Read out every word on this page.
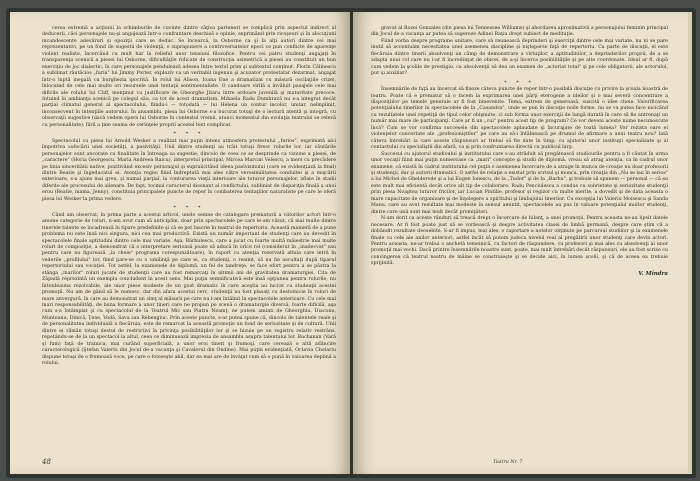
cerea extremă a acţiunii la schimburile de cuvinte dintre câţiva parteneri se complică prin aspectul indirect al deducerii, căci personajele nu-şi angajează într-o confruntare deschisă o opinie, exprimând prin ricoşeuri şi în alocuţiuni incandescente adevăruri şi opoziţii care se deduc. Se încearcă, la Osborne ca şi la alţi autori dintre cei mai reprezentativi, pe un fond de sugestii de violenţă, o suprapunere a controversatelor epoci ce pun conflicte de aparenţe violent realiste, încercând cu mult har în relieful unor tensiuni filozofice. Pentru cei patru studenţi angajaţi în transparenţa scenică a piesei lui Osborne, dificultăţile ridicate de construcţia asimetrică a piesei au constituit un bun exerciţiu de joc dialectic, în care personajele pendulează adesea între textul prim şi subtextul conţinut. Florin Călinescu a sublimat răutăcios „furia" lui Jimmy Porter, exploziv ca un veritabil ingenuu şi acuzator protestatar dezarmat, angajat într-o luptă inegală cu burghezia ipocrită. În rolul lui Alison, Ioana Ene a dramatizat cu măsură oscilaţiile crizei, înlocuind de cele mai multe ori resursele unei tentaţii sentimentaliste. O candoare virilă a învăluit pasajele cele mai dificile ale rolului lui Cliff, menţinut cu justificare de Gheorghe Jitaru între ardoare juvenilă şi maturitate precoce. Intuind în ambianţa scenică pe colegul său, ca tot de acest dramatism, Mihaela Radu Dumbravă nu s-a integrat decât parţial climatul general al spectacolului, fiindu-i — totodată — lui Helena un contur incolor, unitar, neîmplinit, inconsecvent în intenţiile autorului. În ansamblu, piesa lui Osborne s-a bucurat totuşi de o lectură atentă şi integră, cu observaţii sugestive (dacă vedem opera lui Osborne în contextul vremii, atunci momentul din evoluţia teatrului se relevă cu personalitate), fără a ţine seama de cerinţele proprii acestei text complicat.

* * *

Spectacolul cu piesa lui Arnold Wesker a realizat mai puţin intens atmosfera protestului „furios", exprimată aici împotriva sufocării unei societăţi, a pasivităţii. Unii dintre studenţi au trăit totuşi firesc rolurile lor, iar căutările personajelor sunt ancorate cu finalitate în întreaga sa sugestie; dincolo de ceea ce se desprinde ca viziune a piesei, de „caractere" (Horia Georgescu, Maria Andreea Raicu), interpretul principal, Mircea Marcan Velescu, a mers cu precădere pe linia sinceritătii native, pozitivând excesiv personajul şi supralicitând ideea pasivismului (care se evidenţiază la final) dintre Beatie şi îngeducatul ei. Atenţia regiei fiind îndreptată mai ales către verosimilitatea conduitei şi a mişcării exterioare, s-a ajuns mai greu, şi numai parţial, la conturarea vieţii interioare ale tuturor personajelor, aflate în stadii diferite ale procesului de alienare. De fapt, tocmai caracterul disonant al conflictului, subliniat de dispariţia finală a unui erou (Beatie, mama, Jenny), constituia principalele puncte de reper în combaterea tentaţiilor naturaliste pe care le oferă piesa lui Wesker la prima vedere.

* * *

Când am observat, în prima parte a acestui articol, unele semne de catalogare prematură a viitorilor actori într-o anume categorie de roluri, n-am avut cum să anticipăm, doar prin spectacolele pe care le-am văzut, că mai multe dintre tinerele talente se încadrează în tipare predefinite şi că se pot înscrie în teatrul de repertoriu. Această manieră de a pune problema nu este însă nici singura, nici cea mai productivă. Există un număr important de studenţi care au devedit în spectacolele finale aptitudini dintre cele mai variate. Aşa, Bărbulescu, care a jucat cu foarte multă măiestrie mai multe roluri de compoziţie, a demonstrat că o interpretare serioasă poate să aducă în orice rol (considerat în „inadecvat" sau pentru care nu figurează „la cheie" programa corespunzătoare), în raport cu atenţia rezervată altuia care intră în vederile „profilului" lor, fiind pare-se cu o umilinţă pe care ei, ca studenţi, o resimt, să nu fie ascultaţi după tiparul repertoriului sau vocaţiei. Tot astfel, la examenele de diplomă, un fel de tandreţe, se face efort pentru a se păstra la stânga „marilor" roluri jucate de studenţii care au fost remarcaţi în ultimii ani de gravitatea dramaturgiei. Cita de Zăpadă reprezintă un exemplu concludent în acest sens. Mai puţin semnificativă este însă opţiunea pentru rolurile, nu întotdeauna rezolvabile, ale unor piese modeste de un gust dramatic în care aceştia au lucrat cu studenţii acestei promoţii. Nu am de gând să le numesc, dar din afara acestui cerc, studenţii au fost plasaţi cu destoinicie în roluri de mare anvergură, în care au demonstrat un simţ al măsurii pe care nu l-am întâlnit în spectacolele anterioare. Cu cele mai mari responsabilităţi, de buna formare a unor tineri care ne propun pe scenă o dramaturgie diversă, foarte dificilă, aşa cum s-a întâmplat şi cu spectacolul de la Teatrul Mic sau Piatra Neamţ, ne putem aminti de Gheorghiu, Diaconu, Munteanu, Dinică, Ţene, Vodă, Sava sau Rebengiuc. Prin aceste puncte, s-ar putea spune că, dincolo de talentele reale şi de personalitatea individuală a fiecăruia, este de remarcat la această promoţie un fond de seriozitate şi de cultură. Unii dintre ei rămân totuşi destul de restrictivi în privinţa posibilităţilor lor şi se bizuie pe un registru relativ restrâns, repetându-se de la un spectacol la altul, ceea ce diminuează impresia de ansamblu asupra talentului lor. Buchanan (Vară şi fum) faţă de trainica, mai curând superficială, a unor eroi tineri şi frumoşi, care cerează o altă adâncire caracterologică (Ştefan Valeriu din Jocul de-a vacanţa şi Cavalerul din Ondine). Mai puţin evidenţiată, Octavia Chelariu dispune totuşi de o frumoasă voce, pe care o foloseşte abil, dar ea mai are de învăţat cum să o pună în valoarea deplină a rolului.

48

gravat al Rozei Gonzales (din piesa lui Tennessee Williams) şi abordarea aproximativă a personajului feminin principal din Jocul de-a vacanţa ar putea să sugereze Adinei Raţiu drept subiect de meditaţie.

Fiind vorba despre programe unitare, care să reunească deprinderi şi exerciţii dintre cele mai variate, nu ni se pare inutil să accentuăm necesitatea unei asemenea discipline şi nişteperse faţă de repertoriu. Ca parte de discuţii, el este fiecăruia dintre tinerii absolvenţi un câmp de demonstrare a virtuţilor, a aptitudinilor, a deprinderilor proprii, de a se adapta unui rol care nu i-ar fi încredinţat de obicei, de a-şi încerca posibilităţile şi pe alte coordonate. Ideal ar fi, după cum vedem la şcolile de prestigiu, ca absolvenţii să dea un examen de „actoriat total" şi pe cele obligatorii, ale actorului, pur şi auxiliar?

* * *

Însemnările de faţă au încercat să fixeze câteva puncte de reper într-o posibilă discuţie cu privire la şcoala noastră de teatru. Poate că e prematur să o facem la exprimarea unei părţi eterogene a ideilor şi o mai severă concentrare a dispoziţiilor pe temele generale ar fi fost binevenite. Tema, extrem de generoasă, suscită o idee cheie. Valorificarea potenţialului tinerilor în spectacolele de la „Casandra", unde se pun în discuţie noile forme, nu se va putea face nicicând cu rezultatele unei repetiţii de tipul celor obişnuite, ci sub forma unor exerciţii de lungă durată în care să fie antrenaţi un număr mai mare de participanţi. Care ar fi un „cui" pentru acest tip de program? Ce vor deveni aceste nume necunoscute încă? Cum se vor confirma succesele din spectacolele aplaudate şi încurajate de toată lumea? Vor rezista oare ei violenţelor concertate ale „profesioniştilor" pe care au să-i întâlnească pe drumul de afirmare a unui teatru nou? Iată câteva întrebări la care aceste răspunsuri ar trebui să fie date în timp; cu ajutorul unor instituţii specializate şi al contactului cu specialiştii din afară, ca şi prin confruntarea directă cu publicul larg.

Succesul cu ajutorul studioului şi institutului care s-au străduit să pregătească studiourile pentru a fi căutat în urma unor vocaţii fiind mai puţin numeroase ca „mari" concepte şi studii de diplomă, vreau să atrag atenţia, ca în cadrul unor examene, că există în cadrul institutului cel puţin o asemenea încercare de a atrage în munca de creaţie nu doar profesorii şi studenţii, dar şi autorii dramatici. O astfel de relaţie a existat prin scrisul şi munca, prin creaţia din „Nu se iau în serios" a lui Michel de Ghelderode şi a lui Eugen Ionescu, de la „Tudor" şi de la „Barbu", şi trebuie să spunem — personal — că ea este mult mai eficientă decât orice alt tip de colaborare. Radu Penciulescu a condus cu sobrietate şi seriozitate studenţii prin piesa Noaptea tuturor fricilor, iar Lucian Pintilie, profesor şi regizor cu multe merite, a dovedit şi de data aceasta o mare capacitate de organizare şi de înţelegere a spiritului şi limbajului tinerilor. Cu excepţia lui Valeriu Moisescu şi Sanda Manu, care au avut rezultate mai modeste în sensul amintit, spectacolele au pus în valoare potenţialul multor studenţi, dintre care unii sunt mai mult decât promiţători.

N-am dorit ca aceste rânduri să treacă drept o încercare de bilanţ, a unei promoţii. Pentru aceasta ne-au lipsit datele necesare. Ar fi fost poate just să se vorbească şi despre activitatea clasei de limbă germană, despre care ştim că a dobândit rezultate deosebite. S-ar fi impus, mai ales, o raportare a notelor obţinute pe parcursul studiilor şi la examenele finale cu cele ale anilor anteriori, astfel încât să putem judeca nivelul real al pregătirii unor studenţi care devin actori. Pentru aceasta, ne-ar trebui o anchetă temeinică, cu factori de răspundere, cu profesori şi mai ales cu absolvenţi ai unor promoţii mai vechi. Dacă printre însemnările noastre sunt, poate, mai mult întrebări decât răspunsuri, ele au fost scrise cu convingerea că teatrul nostru de mâine se construieşte şi se decide aici, în lumea şcolii, şi că de aceea ea trebuie sprijinită.

V. Mîndra
Teatru Nr. 7
